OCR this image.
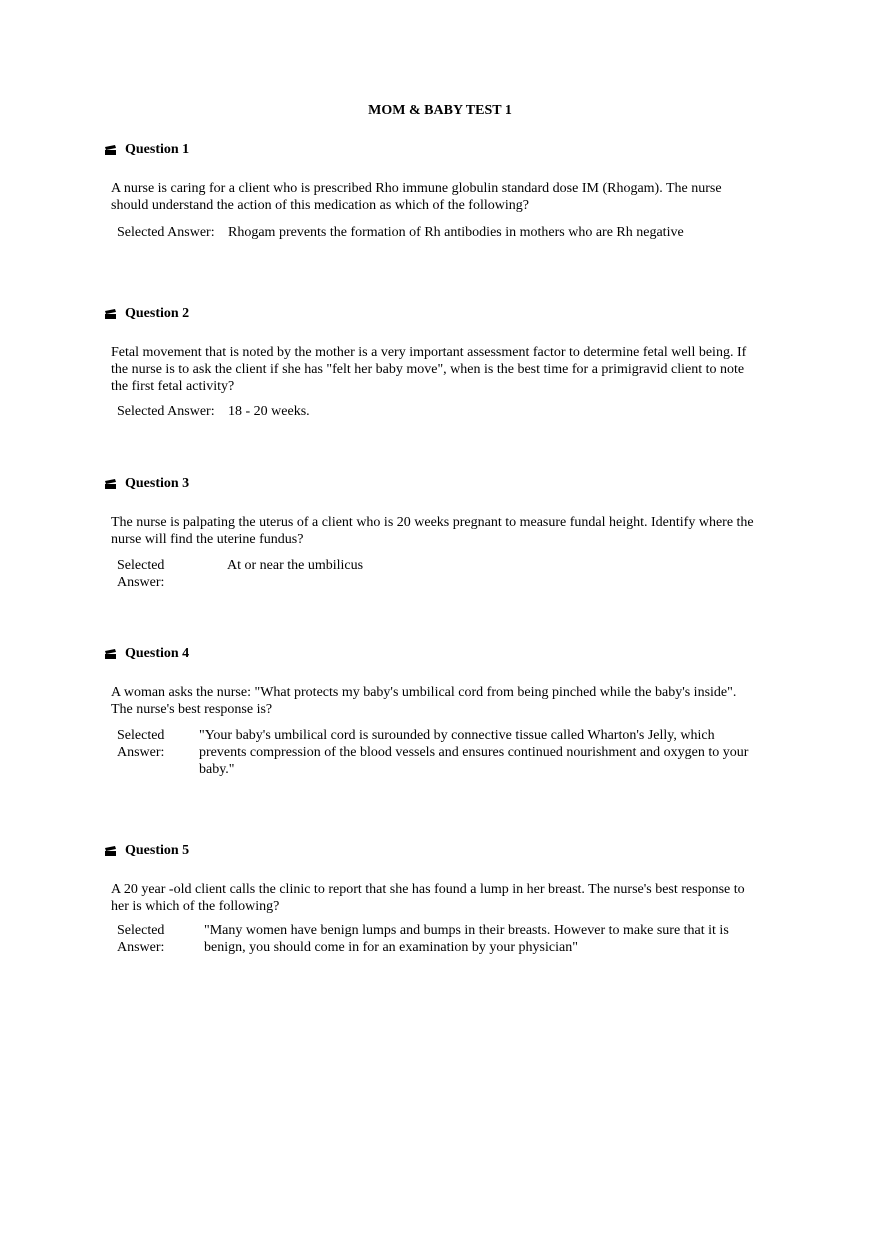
MOM & BABY TEST 1
Question 1
A nurse is caring for a client who is prescribed Rho immune globulin standard dose IM (Rhogam). The nurse should understand the action of this medication as which of the following?
Selected Answer: Rhogam prevents the formation of Rh antibodies in mothers who are Rh negative
Question 2
Fetal movement that is noted by the mother is a very important assessment factor to determine fetal well being. If the nurse is to ask the client if she has "felt her baby move", when is the best time for a primigravid client to note the first fetal activity?
Selected Answer: 18 - 20 weeks.
Question 3
The nurse is palpating the uterus of a client who is 20 weeks pregnant to measure fundal height. Identify where the nurse will find the uterine fundus?
Selected Answer:
At or near the umbilicus
Question 4
A woman asks the nurse: "What protects my baby's umbilical cord from being pinched while the baby's inside". The nurse's best response is?
Selected Answer:
"Your baby's umbilical cord is surounded by connective tissue called Wharton's Jelly, which prevents compression of the blood vessels and ensures continued nourishment and oxygen to your baby."
Question 5
A 20 year -old client calls the clinic to report that she has found a lump in her breast. The nurse's best response to her is which of the following?
Selected Answer:
"Many women have benign lumps and bumps in their breasts. However to make sure that it is benign, you should come in for an examination by your physician"
